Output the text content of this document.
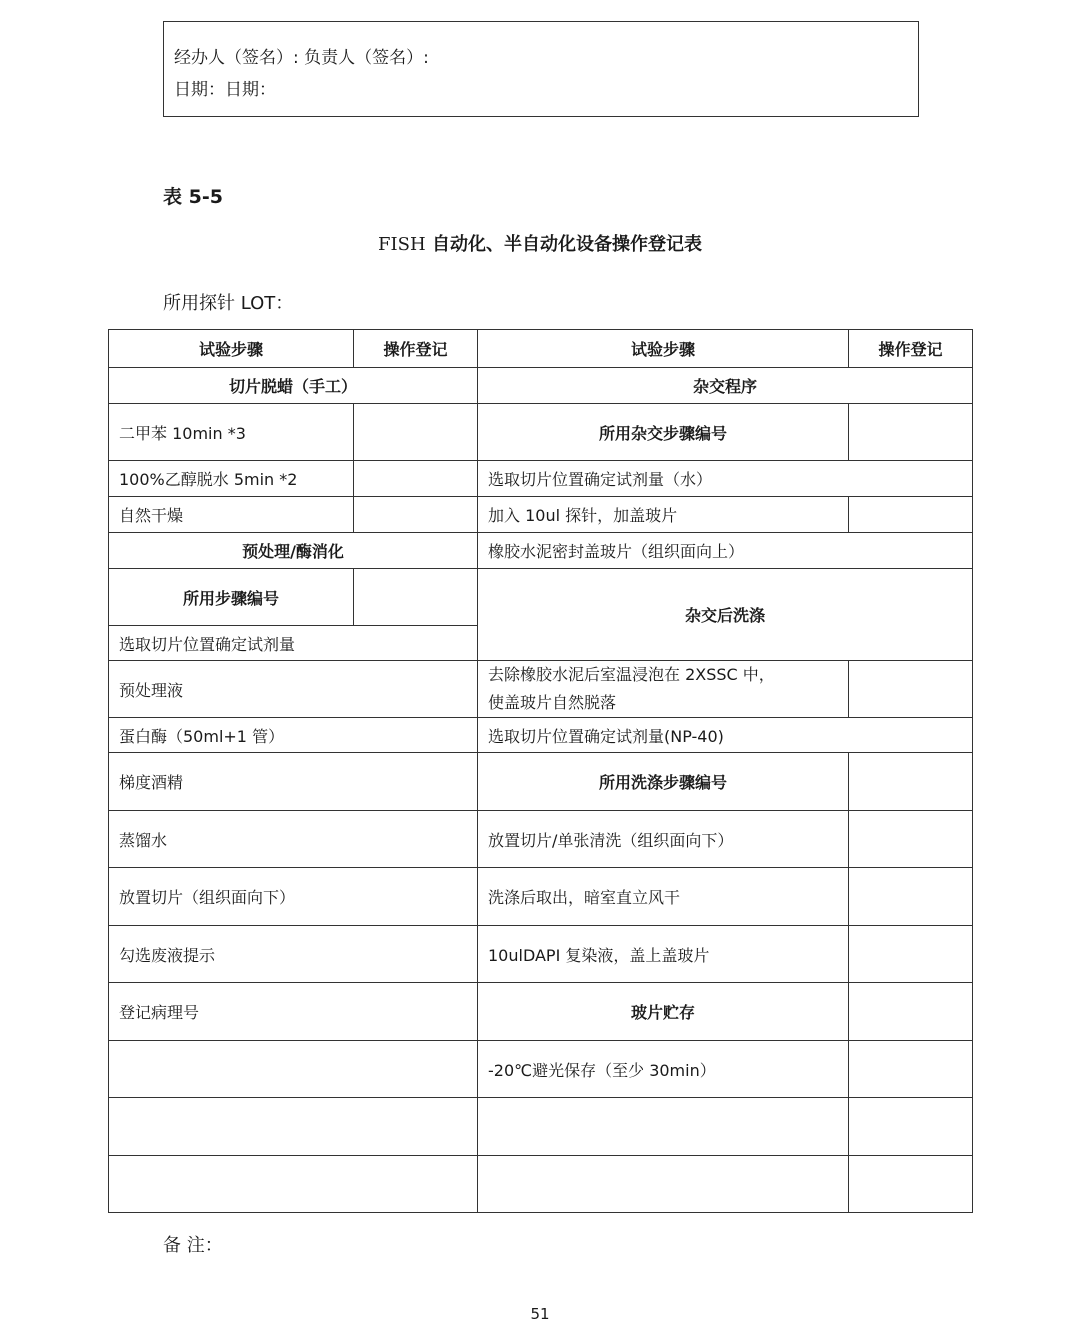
经办人（签名）: 负责人（签名）:
日期：日期：
表 5-5
FISH 自动化、半自动化设备操作登记表
所用探针 LOT：
试验步骤	操作登记	试验步骤	操作登记
切片脱蜡（手工）		杂交程序	
二甲苯 10min *3		所用杂交步骤编号	
100%乙醇脱水 5min *2		选取切片位置确定试剂量（水）	
自然干燥		加入 10ul 探针，加盖玻片	
预处理/酶消化		橡胶水泥密封盖玻片（组织面向上）	
所用步骤编号		杂交后洗涤	
选取切片位置确定试剂量			
预处理液		去除橡胶水泥后室温浸泡在 2XSSC 中，
使盖玻片自然脱落	

蛋白酶（50ml+1 管）		选取切片位置确定试剂量(NP-40)	
梯度酒精		所用洗涤步骤编号	
蒸馏水		放置切片/单张清洗（组织面向下）	
放置切片（组织面向下）		洗涤后取出，暗室直立风干	
勾选废液提示		10ulDAPI 复染液，盖上盖玻片	
登记病理号		玻片贮存	
		-20℃避光保存（至少 30min）	

备 注：
51
